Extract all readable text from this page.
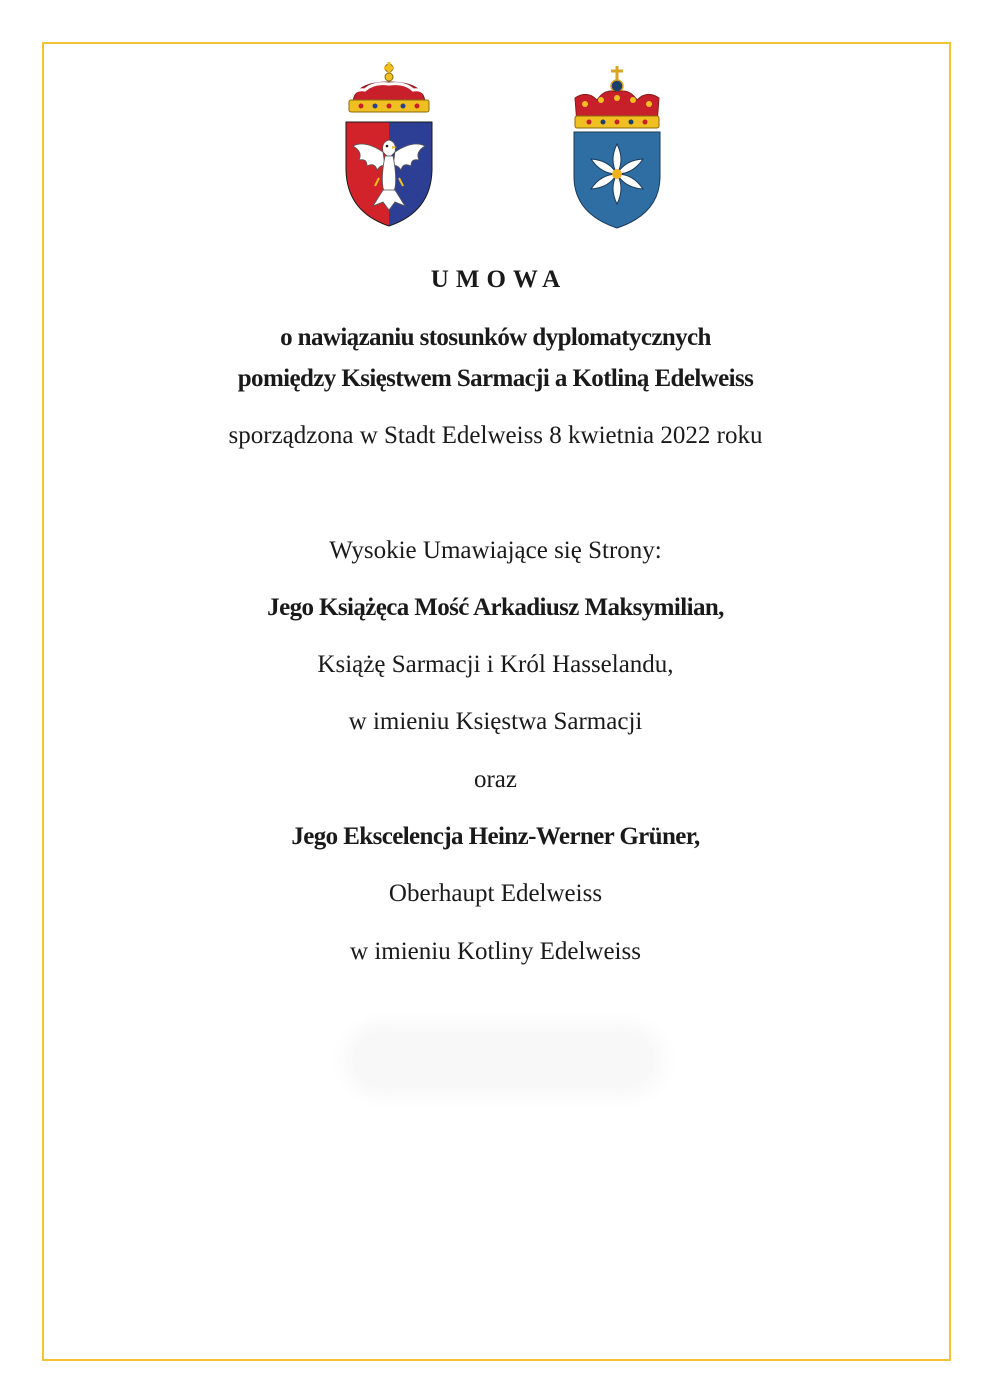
UMOWA
o nawiązaniu stosunków dyplomatycznych
pomiędzy Księstwem Sarmacji a Kotliną Edelweiss
sporządzona w Stadt Edelweiss 8 kwietnia 2022 roku
Wysokie Umawiające się Strony:
Jego Książęca Mość Arkadiusz Maksymilian,
Książę Sarmacji i Król Hasselandu,
w imieniu Księstwa Sarmacji
oraz
Jego Ekscelencja Heinz-Werner Grüner,
Oberhaupt Edelweiss
w imieniu Kotliny Edelweiss
